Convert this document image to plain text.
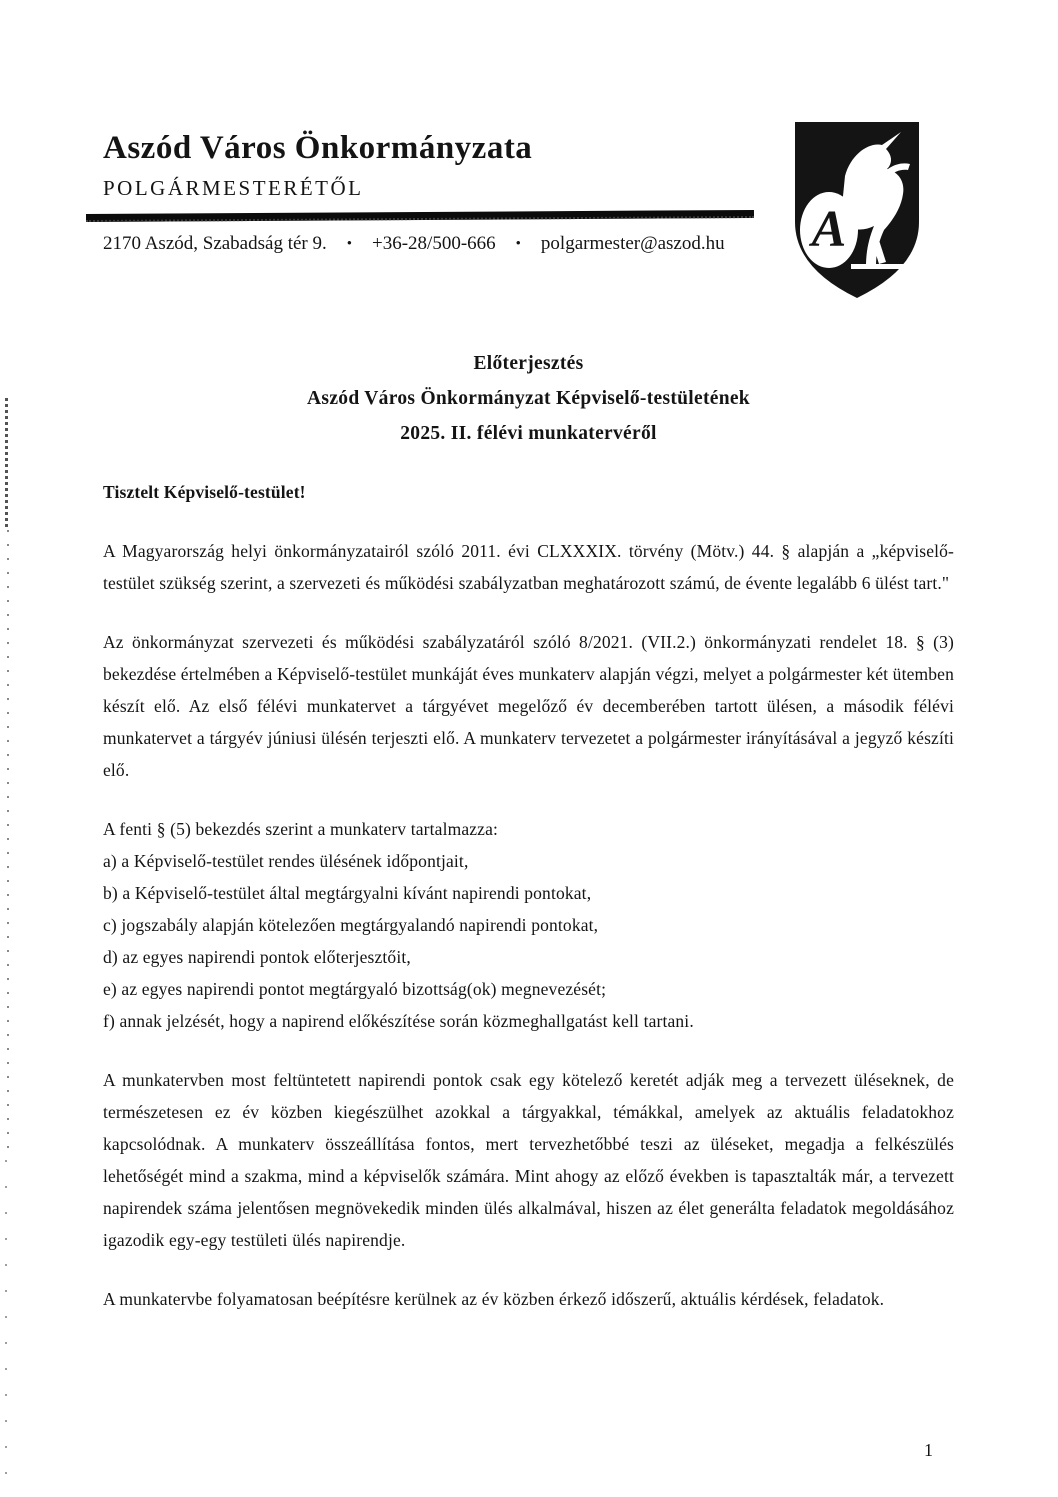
Aszód Város Önkormányzata
POLGÁRMESTERÉTŐL
2170 Aszód, Szabadság tér 9. • +36-28/500-666 • polgarmester@aszod.hu A
Előterjesztés
Aszód Város Önkormányzat Képviselő-testületének
2025. II. félévi munkatervéről

Tisztelt Képviselő-testület!

A Magyarország helyi önkormányzatairól szóló 2011. évi CLXXXIX. törvény (Mötv.) 44. § alapján a „képviselő-testület szükség szerint, a szervezeti és működési szabályzatban meghatározott számú, de évente legalább 6 ülést tart."

Az önkormányzat szervezeti és működési szabályzatáról szóló 8/2021. (VII.2.) önkormányzati rendelet 18. § (3) bekezdése értelmében a Képviselő-testület munkáját éves munkaterv alapján végzi, melyet a polgármester két ütemben készít elő. Az első félévi munkatervet a tárgyévet megelőző év decemberében tartott ülésen, a második félévi munkatervet a tárgyév júniusi ülésén terjeszti elő. A munkaterv tervezetet a polgármester irányításával a jegyző készíti elő.

A fenti § (5) bekezdés szerint a munkaterv tartalmazza:
a) a Képviselő-testület rendes ülésének időpontjait,
b) a Képviselő-testület által megtárgyalni kívánt napirendi pontokat,
c) jogszabály alapján kötelezően megtárgyalandó napirendi pontokat,
d) az egyes napirendi pontok előterjesztőit,
e) az egyes napirendi pontot megtárgyaló bizottság(ok) megnevezését;
f) annak jelzését, hogy a napirend előkészítése során közmeghallgatást kell tartani.

A munkatervben most feltüntetett napirendi pontok csak egy kötelező keretét adják meg a tervezett üléseknek, de természetesen ez év közben kiegészülhet azokkal a tárgyakkal, témákkal, amelyek az aktuális feladatokhoz kapcsolódnak. A munkaterv összeállítása fontos, mert tervezhetőbbé teszi az üléseket, megadja a felkészülés lehetőségét mind a szakma, mind a képviselők számára. Mint ahogy az előző években is tapasztalták már, a tervezett napirendek száma jelentősen megnövekedik minden ülés alkalmával, hiszen az élet generálta feladatok megoldásához igazodik egy-egy testületi ülés napirendje.

A munkatervbe folyamatosan beépítésre kerülnek az év közben érkező időszerű, aktuális kérdések, feladatok.

1
